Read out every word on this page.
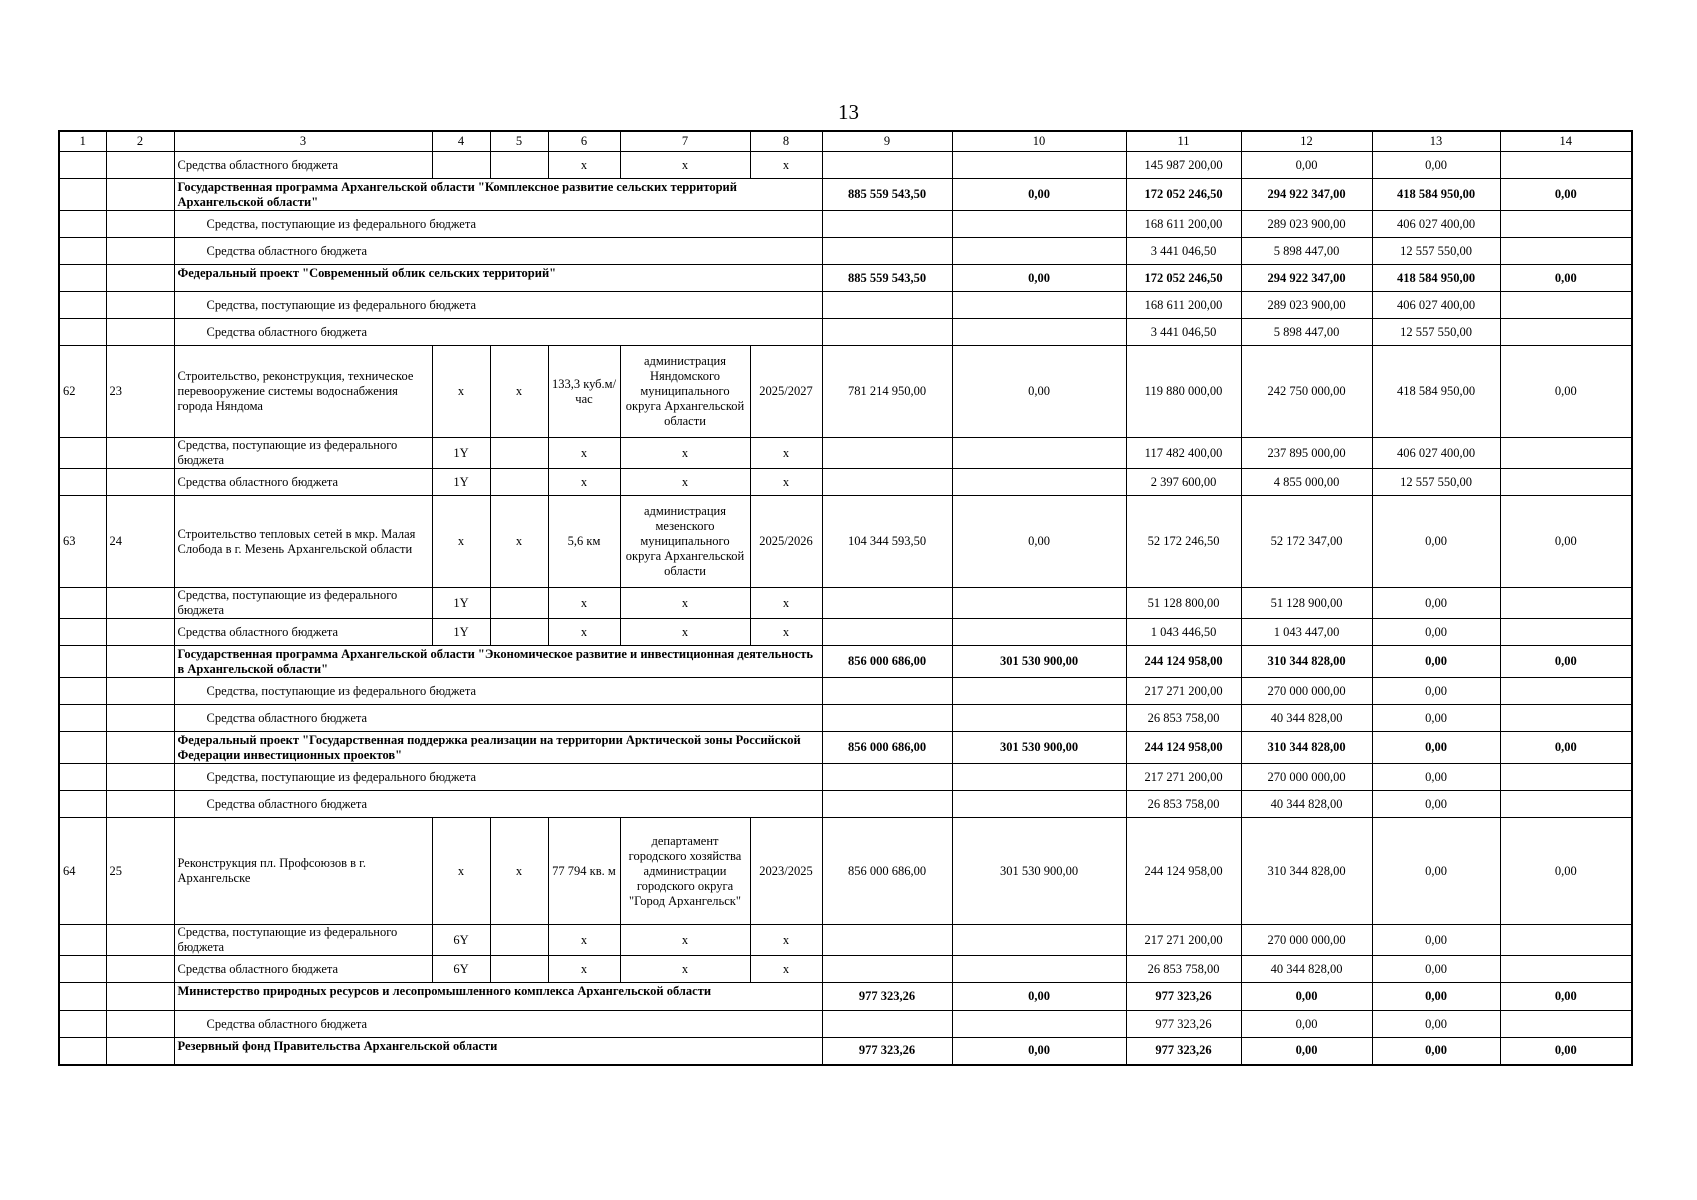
13
1	2	3	4	5	6	7	8	9	10	11	12	13	14
		Средства областного бюджета			x	x	x			145 987 200,00	0,00	0,00	
		Государственная программа Архангельской области "Комплексное развитие сельских территорий Архангельской области"						885 559 543,50	0,00	172 052 246,50	294 922 347,00	418 584 950,00	0,00
		Средства, поступающие из федерального бюджета								168 611 200,00	289 023 900,00	406 027 400,00	
		Средства областного бюджета								3 441 046,50	5 898 447,00	12 557 550,00	
		Федеральный проект "Современный облик сельских территорий"						885 559 543,50	0,00	172 052 246,50	294 922 347,00	418 584 950,00	0,00
		Средства, поступающие из федерального бюджета								168 611 200,00	289 023 900,00	406 027 400,00	
		Средства областного бюджета								3 441 046,50	5 898 447,00	12 557 550,00	
62	23	Строительство, реконструкция, техническое перевооружение системы водоснабжения города Няндома	x	x	133,3 куб.м/час	администрация Няндомского муниципального округа Архангельской области	2025/2027	781 214 950,00	0,00	119 880 000,00	242 750 000,00	418 584 950,00	0,00
		Средства, поступающие из федерального бюджета	1Y		x	x	x			117 482 400,00	237 895 000,00	406 027 400,00	
		Средства областного бюджета	1Y		x	x	x			2 397 600,00	4 855 000,00	12 557 550,00	
63	24	Строительство тепловых сетей в мкр. Малая Слобода в г. Мезень Архангельской области	x	x	5,6 км	администрация мезенского муниципального округа Архангельской области	2025/2026	104 344 593,50	0,00	52 172 246,50	52 172 347,00	0,00	0,00
		Средства, поступающие из федерального бюджета	1Y		x	x	x			51 128 800,00	51 128 900,00	0,00	
		Средства областного бюджета	1Y		x	x	x			1 043 446,50	1 043 447,00	0,00	
		Государственная программа Архангельской области "Экономическое развитие и инвестиционная деятельность в Архангельской области"						856 000 686,00	301 530 900,00	244 124 958,00	310 344 828,00	0,00	0,00
		Средства, поступающие из федерального бюджета								217 271 200,00	270 000 000,00	0,00	
		Средства областного бюджета								26 853 758,00	40 344 828,00	0,00	
		Федеральный проект "Государственная поддержка реализации на территории Арктической зоны Российской Федерации инвестиционных проектов"						856 000 686,00	301 530 900,00	244 124 958,00	310 344 828,00	0,00	0,00
		Средства, поступающие из федерального бюджета								217 271 200,00	270 000 000,00	0,00	
		Средства областного бюджета								26 853 758,00	40 344 828,00	0,00	
64	25	Реконструкция пл. Профсоюзов в г. Архангельске	x	x	77 794 кв. м	департамент городского хозяйства администрации городского округа "Город Архангельск"	2023/2025	856 000 686,00	301 530 900,00	244 124 958,00	310 344 828,00	0,00	0,00
		Средства, поступающие из федерального бюджета	6Y		x	x	x			217 271 200,00	270 000 000,00	0,00	
		Средства областного бюджета	6Y		x	x	x			26 853 758,00	40 344 828,00	0,00	
		Министерство природных ресурсов и лесопромышленного комплекса Архангельской области						977 323,26	0,00	977 323,26	0,00	0,00	0,00
		Средства областного бюджета								977 323,26	0,00	0,00	
		Резервный фонд Правительства Архангельской области						977 323,26	0,00	977 323,26	0,00	0,00	0,00
